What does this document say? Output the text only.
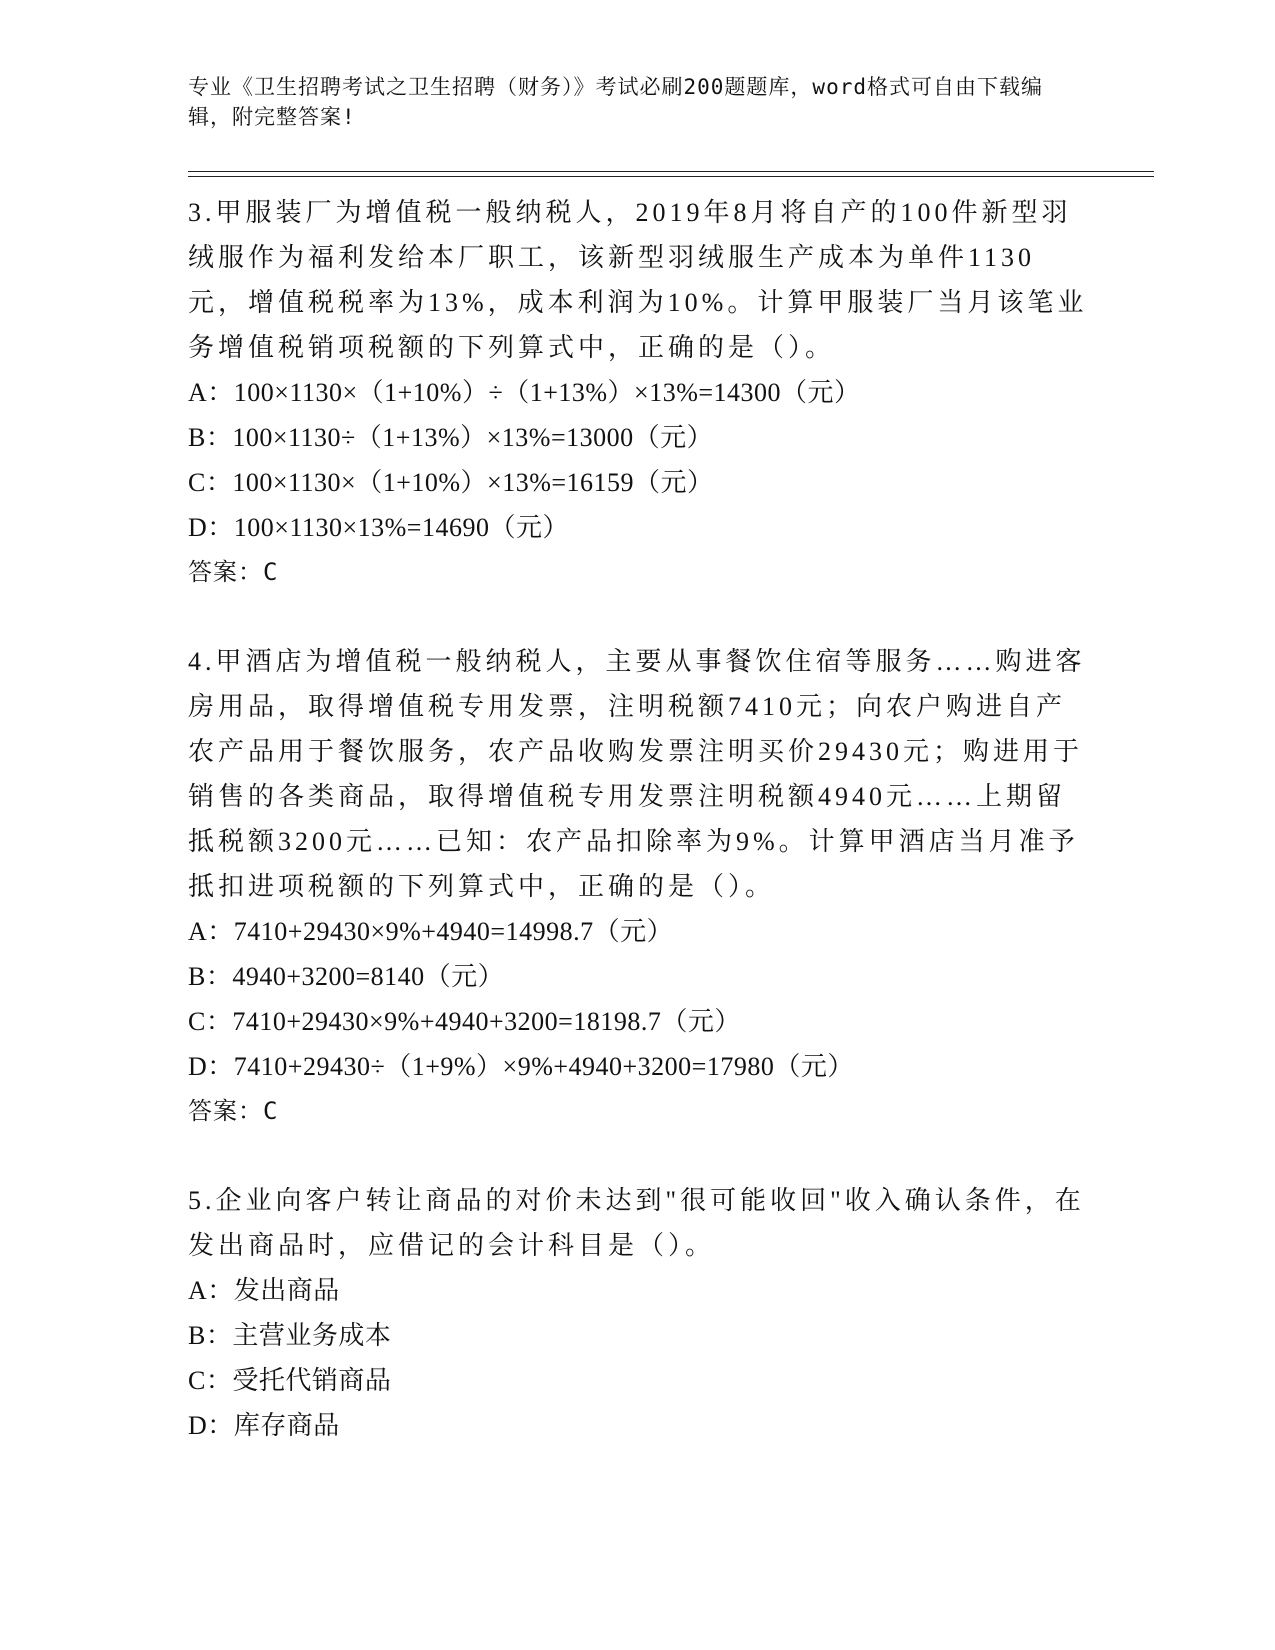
专业《卫生招聘考试之卫生招聘（财务）》考试必刷200题题库，word格式可自由下载编辑，附完整答案!

3.甲服装厂为增值税一般纳税人，2019年8月将自产的100件新型羽绒服作为福利发给本厂职工，该新型羽绒服生产成本为单件1130元，增值税税率为13%，成本利润为10%。计算甲服装厂当月该笔业务增值税销项税额的下列算式中，正确的是（）。

A：100×1130×（1+10%）÷（1+13%）×13%=14300（元）

B：100×1130÷（1+13%）×13%=13000（元）

C：100×1130×（1+10%）×13%=16159（元）

D：100×1130×13%=14690（元）

答案：C

4.甲酒店为增值税一般纳税人，主要从事餐饮住宿等服务……购进客房用品，取得增值税专用发票，注明税额7410元；向农户购进自产农产品用于餐饮服务，农产品收购发票注明买价29430元；购进用于销售的各类商品，取得增值税专用发票注明税额4940元……上期留抵税额3200元……已知：农产品扣除率为9%。计算甲酒店当月准予抵扣进项税额的下列算式中，正确的是（）。

A：7410+29430×9%+4940=14998.7（元）

B：4940+3200=8140（元）

C：7410+29430×9%+4940+3200=18198.7（元）

D：7410+29430÷（1+9%）×9%+4940+3200=17980（元）

答案：C

5.企业向客户转让商品的对价未达到"很可能收回"收入确认条件，在发出商品时，应借记的会计科目是（）。

A：发出商品

B：主营业务成本

C：受托代销商品

D：库存商品
